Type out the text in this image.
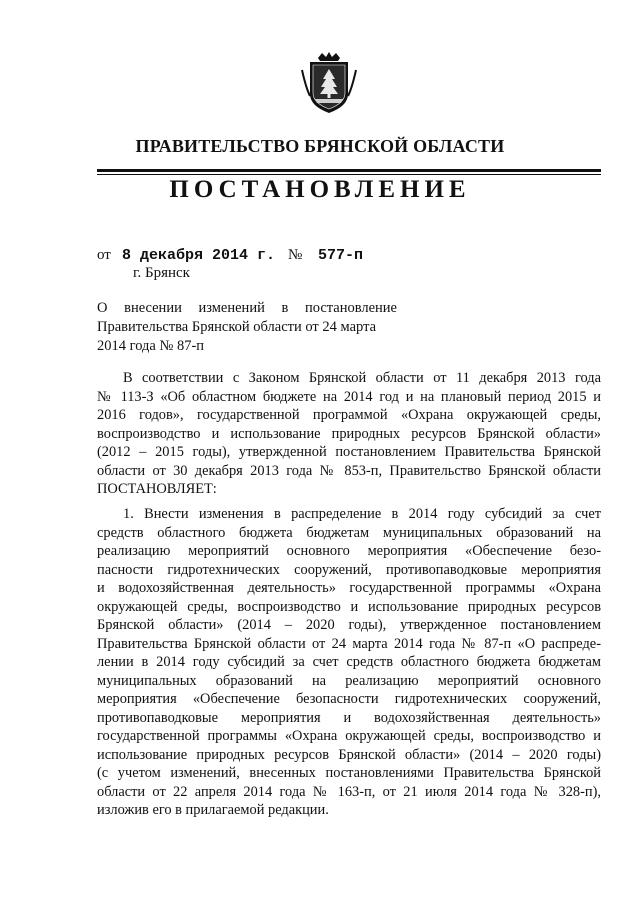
ПРАВИТЕЛЬСТВО БРЯНСКОЙ ОБЛАСТИ
ПОСТАНОВЛЕНИЕ
от 8 декабря 2014 г. № 577-п
г. Брянск
О внесении изменений в постановление
Правительства Брянской области от 24 марта
2014 года № 87-п
В соответствии с Законом Брянской области от 11 декабря 2013 года
№ 113-З «Об областном бюджете на 2014 год и на плановый период 2015 и
2016 годов», государственной программой «Охрана окружающей среды,
воспроизводство и использование природных ресурсов Брянской области»
(2012 – 2015 годы), утвержденной постановлением Правительства Брянской
области от 30 декабря 2013 года № 853-п, Правительство Брянской области
ПОСТАНОВЛЯЕТ:
1. Внести изменения в распределение в 2014 году субсидий за счет
средств областного бюджета бюджетам муниципальных образований на
реализацию мероприятий основного мероприятия «Обеспечение безо-
пасности гидротехнических сооружений, противопаводковые мероприятия
и водохозяйственная деятельность» государственной программы «Охрана
окружающей среды, воспроизводство и использование природных ресурсов
Брянской области» (2014 – 2020 годы), утвержденное постановлением
Правительства Брянской области от 24 марта 2014 года № 87-п «О распреде-
лении в 2014 году субсидий за счет средств областного бюджета бюджетам
муниципальных образований на реализацию мероприятий основного
мероприятия «Обеспечение безопасности гидротехнических сооружений,
противопаводковые мероприятия и водохозяйственная деятельность»
государственной программы «Охрана окружающей среды, воспроизводство и
использование природных ресурсов Брянской области» (2014 – 2020 годы)
(с учетом изменений, внесенных постановлениями Правительства Брянской
области от 22 апреля 2014 года № 163-п, от 21 июля 2014 года № 328-п),
изложив его в прилагаемой редакции.
